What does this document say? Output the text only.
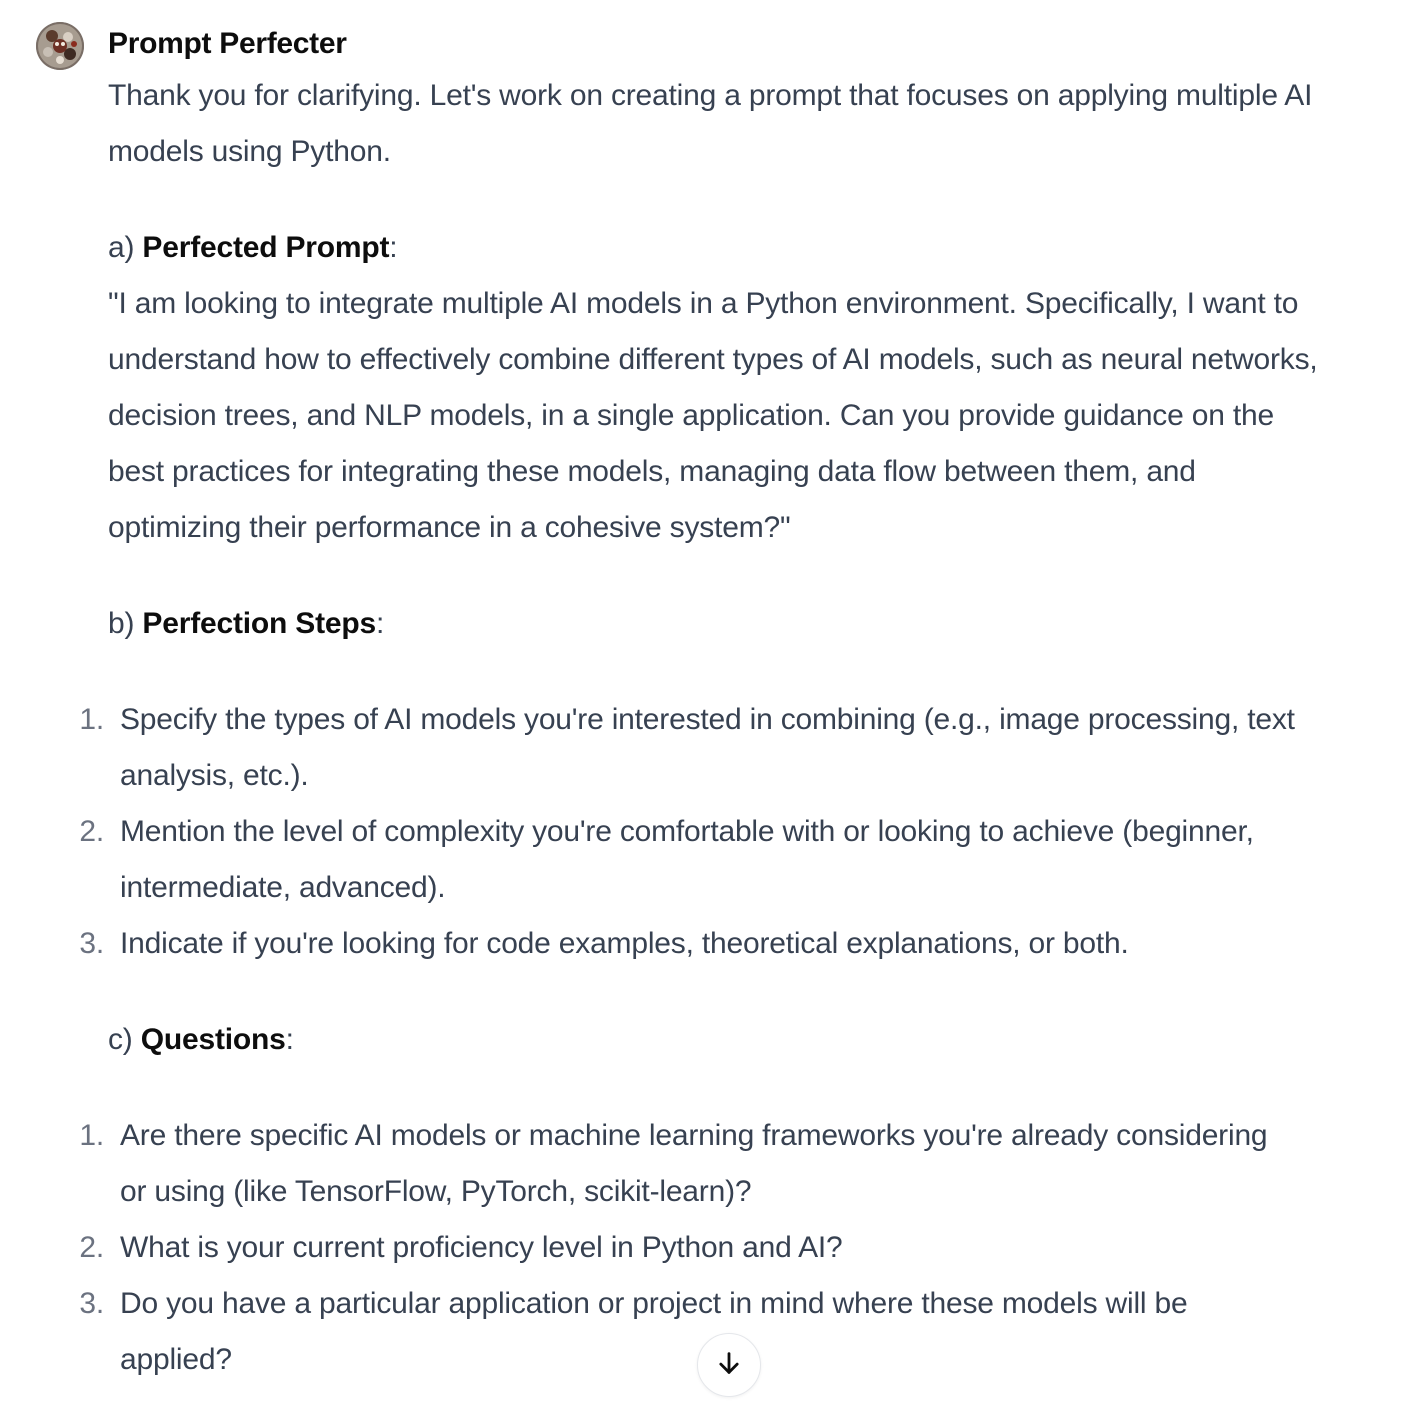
Prompt Perfecter

Thank you for clarifying. Let's work on creating a prompt that focuses on applying multiple AI models using Python.

a) Perfected Prompt:

"I am looking to integrate multiple AI models in a Python environment. Specifically, I want to understand how to effectively combine different types of AI models, such as neural networks, decision trees, and NLP models, in a single application. Can you provide guidance on the best practices for integrating these models, managing data flow between them, and optimizing their performance in a cohesive system?"

b) Perfection Steps:

1. Specify the types of AI models you're interested in combining (e.g., image processing, text analysis, etc.).
2. Mention the level of complexity you're comfortable with or looking to achieve (beginner, intermediate, advanced).
3. Indicate if you're looking for code examples, theoretical explanations, or both.

c) Questions:

1. Are there specific AI models or machine learning frameworks you're already considering or using (like TensorFlow, PyTorch, scikit-learn)?
2. What is your current proficiency level in Python and AI?
3. Do you have a particular application or project in mind where these models will be applied?
